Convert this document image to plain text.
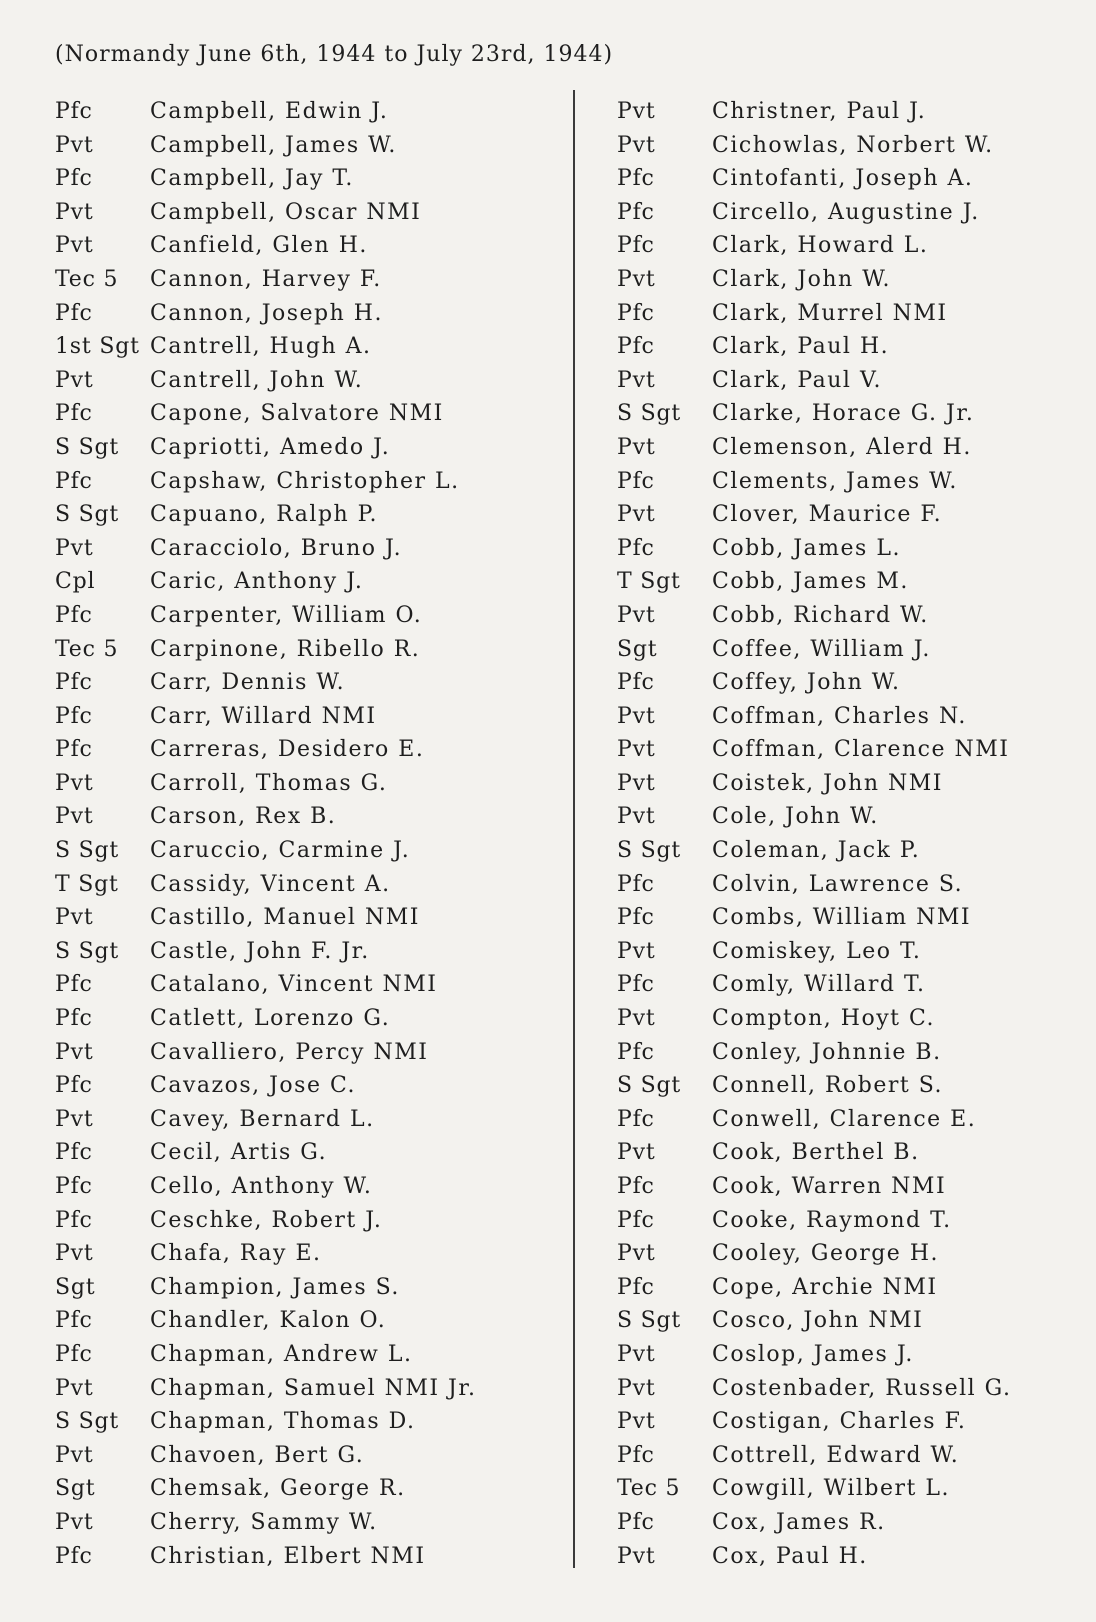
(Normandy June 6th, 1944 to July 23rd, 1944)
Pfc	Campbell, Edwin J.
Pvt	Campbell, James W.
Pfc	Campbell, Jay T.
Pvt	Campbell, Oscar NMI
Pvt	Canfield, Glen H.
Tec 5 Cannon, Harvey F.
Pfc	Cannon, Joseph H.
1st Sgt Cantrell, Hugh A.
Pvt	Cantrell, John W.
Pfc	Capone, Salvatore NMI
S Sgt Capriotti, Amedo J.
Pfc	Capshaw, Christopher L.
S Sgt Capuano, Ralph P.
Pvt	Caracciolo, Bruno J.
Cpl Caric, Anthony J.
Pfc	Carpenter, William O.
Tec 5 Carpinone, Ribello R.
Pfc	Carr, Dennis W.
Pfc	Carr, Willard NMI
Pfc	Carreras, Desidero E.
Pvt	Carroll, Thomas G.
Pvt	Carson, Rex B.
S Sgt Caruccio, Carmine J.
T Sgt Cassidy, Vincent A.
Pvt	Castillo, Manuel NMI
S Sgt Castle, John F. Jr.
Pfc	Catalano, Vincent NMI
Pfc	Catlett, Lorenzo G.
Pvt	Cavalliero, Percy NMI
Pfc	Cavazos, Jose C.
Pvt	Cavey, Bernard L.
Pfc	Cecil, Artis G.
Pfc	Cello, Anthony W.
Pfc	Ceschke, Robert J.
Pvt	Chafa, Ray E.
Sgt Champion, James S.
Pfc	Chandler, Kalon O.
Pfc	Chapman, Andrew L.
Pvt	Chapman, Samuel NMI Jr.
S Sgt Chapman, Thomas D.
Pvt	Chavoen, Bert G.
Sgt Chemsak, George R.
Pvt	Cherry, Sammy W.
Pfc	Christian, Elbert NMI
Pvt	Christner, Paul J.
Pvt	Cichowlas, Norbert W.
Pfc	Cintofanti, Joseph A.
Pfc	Circello, Augustine J.
Pfc	Clark, Howard L.
Pvt	Clark, John W.
Pfc	Clark, Murrel NMI
Pfc	Clark, Paul H.
Pvt	Clark, Paul V.
S Sgt Clarke, Horace G. Jr.
Pvt	Clemenson, Alerd H.
Pfc	Clements, James W.
Pvt	Clover, Maurice F.
Pfc	Cobb, James L.
T Sgt Cobb, James M.
Pvt	Cobb, Richard W.
Sgt Coffee, William J.
Pfc	Coffey, John W.
Pvt	Coffman, Charles N.
Pvt	Coffman, Clarence NMI
Pvt	Coistek, John NMI
Pvt	Cole, John W.
S Sgt Coleman, Jack P.
Pfc	Colvin, Lawrence S.
Pfc	Combs, William NMI
Pvt	Comiskey, Leo T.
Pfc	Comly, Willard T.
Pvt	Compton, Hoyt C.
Pfc	Conley, Johnnie B.
S Sgt Connell, Robert S.
Pfc	Conwell, Clarence E.
Pvt	Cook, Berthel B.
Pfc	Cook, Warren NMI
Pfc	Cooke, Raymond T.
Pvt	Cooley, George H.
Pfc	Cope, Archie NMI
S Sgt Cosco, John NMI
Pvt	Coslop, James J.
Pvt	Costenbader, Russell G.
Pvt	Costigan, Charles F.
Pfc	Cottrell, Edward W.
Tec 5 Cowgill, Wilbert L.
Pfc	Cox, James R.
Pvt	Cox, Paul H.
